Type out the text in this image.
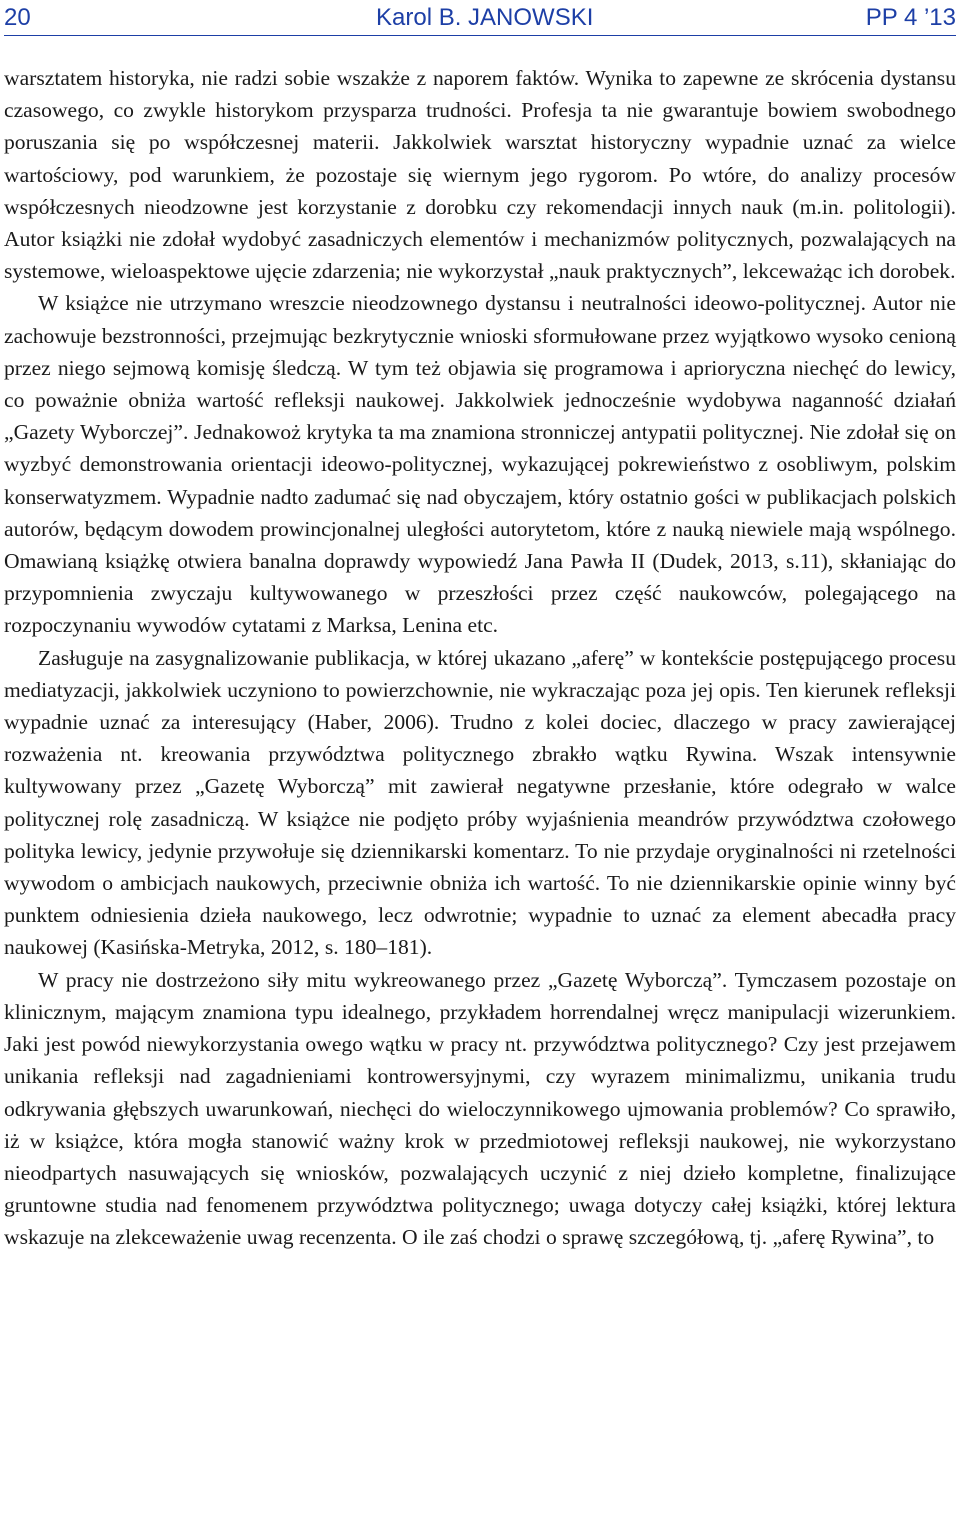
20	Karol B. JANOWSKI	PP 4 ’13

warsztatem historyka, nie radzi sobie wszakże z naporem faktów. Wynika to zapewne ze skrócenia dystansu czasowego, co zwykle historykom przysparza trudności. Profesja ta nie gwarantuje bowiem swobodnego poruszania się po współczesnej materii. Jakkolwiek warsztat historyczny wypadnie uznać za wielce wartościowy, pod warunkiem, że pozostaje się wiernym jego rygorom. Po wtóre, do analizy procesów współczesnych nieodzowne jest korzystanie z dorobku czy rekomendacji innych nauk (m.in. politologii). Autor książki nie zdołał wydobyć zasadniczych elementów i mechanizmów politycznych, pozwalających na systemowe, wieloaspektowe ujęcie zdarzenia; nie wykorzystał „nauk praktycznych”, lekceważąc ich dorobek.

W książce nie utrzymano wreszcie nieodzownego dystansu i neutralności ideowo-politycznej. Autor nie zachowuje bezstronności, przejmując bezkrytycznie wnioski sformułowane przez wyjątkowo wysoko cenioną przez niego sejmową komisję śledczą. W tym też objawia się programowa i aprioryczna niechęć do lewicy, co poważnie obniża wartość refleksji naukowej. Jakkolwiek jednocześnie wydobywa naganność działań „Gazety Wyborczej”. Jednakowoż krytyka ta ma znamiona stronniczej antypatii politycznej. Nie zdołał się on wyzbyć demonstrowania orientacji ideowo-politycznej, wykazującej pokrewieństwo z osobliwym, polskim konserwatyzmem. Wypadnie nadto zadumać się nad obyczajem, który ostatnio gości w publikacjach polskich autorów, będącym dowodem prowincjonalnej uległości autorytetom, które z nauką niewiele mają wspólnego. Omawianą książkę otwiera banalna doprawdy wypowiedź Jana Pawła II (Dudek, 2013, s.11), skłaniając do przypomnienia zwyczaju kultywowanego w przeszłości przez część naukowców, polegającego na rozpoczynaniu wywodów cytatami z Marksa, Lenina etc.

Zasługuje na zasygnalizowanie publikacja, w której ukazano „aferę” w kontekście postępującego procesu mediatyzacji, jakkolwiek uczyniono to powierzchownie, nie wykraczając poza jej opis. Ten kierunek refleksji wypadnie uznać za interesujący (Haber, 2006). Trudno z kolei dociec, dlaczego w pracy zawierającej rozważenia nt. kreowania przywództwa politycznego zbrakło wątku Rywina. Wszak intensywnie kultywowany przez „Gazetę Wyborczą” mit zawierał negatywne przesłanie, które odegrało w walce politycznej rolę zasadniczą. W książce nie podjęto próby wyjaśnienia meandrów przywództwa czołowego polityka lewicy, jedynie przywołuje się dziennikarski komentarz. To nie przydaje oryginalności ni rzetelności wywodom o ambicjach naukowych, przeciwnie obniża ich wartość. To nie dziennikarskie opinie winny być punktem odniesienia dzieła naukowego, lecz odwrotnie; wypadnie to uznać za element abecadła pracy naukowej (Kasińska-Metryka, 2012, s. 180–181).

W pracy nie dostrzeżono siły mitu wykreowanego przez „Gazetę Wyborczą”. Tymczasem pozostaje on klinicznym, mającym znamiona typu idealnego, przykładem horrendalnej wręcz manipulacji wizerunkiem. Jaki jest powód niewykorzystania owego wątku w pracy nt. przywództwa politycznego? Czy jest przejawem unikania refleksji nad zagadnieniami kontrowersyjnymi, czy wyrazem minimalizmu, unikania trudu odkrywania głębszych uwarunkowań, niechęci do wieloczynnikowego ujmowania problemów? Co sprawiło, iż w książce, która mogła stanowić ważny krok w przedmiotowej refleksji naukowej, nie wykorzystano nieodpartych nasuwających się wniosków, pozwalających uczynić z niej dzieło kompletne, finalizujące gruntowne studia nad fenomenem przywództwa politycznego; uwaga dotyczy całej książki, której lektura wskazuje na zlekceważenie uwag recenzenta. O ile zaś chodzi o sprawę szczegółową, tj. „aferę Rywina”, to
